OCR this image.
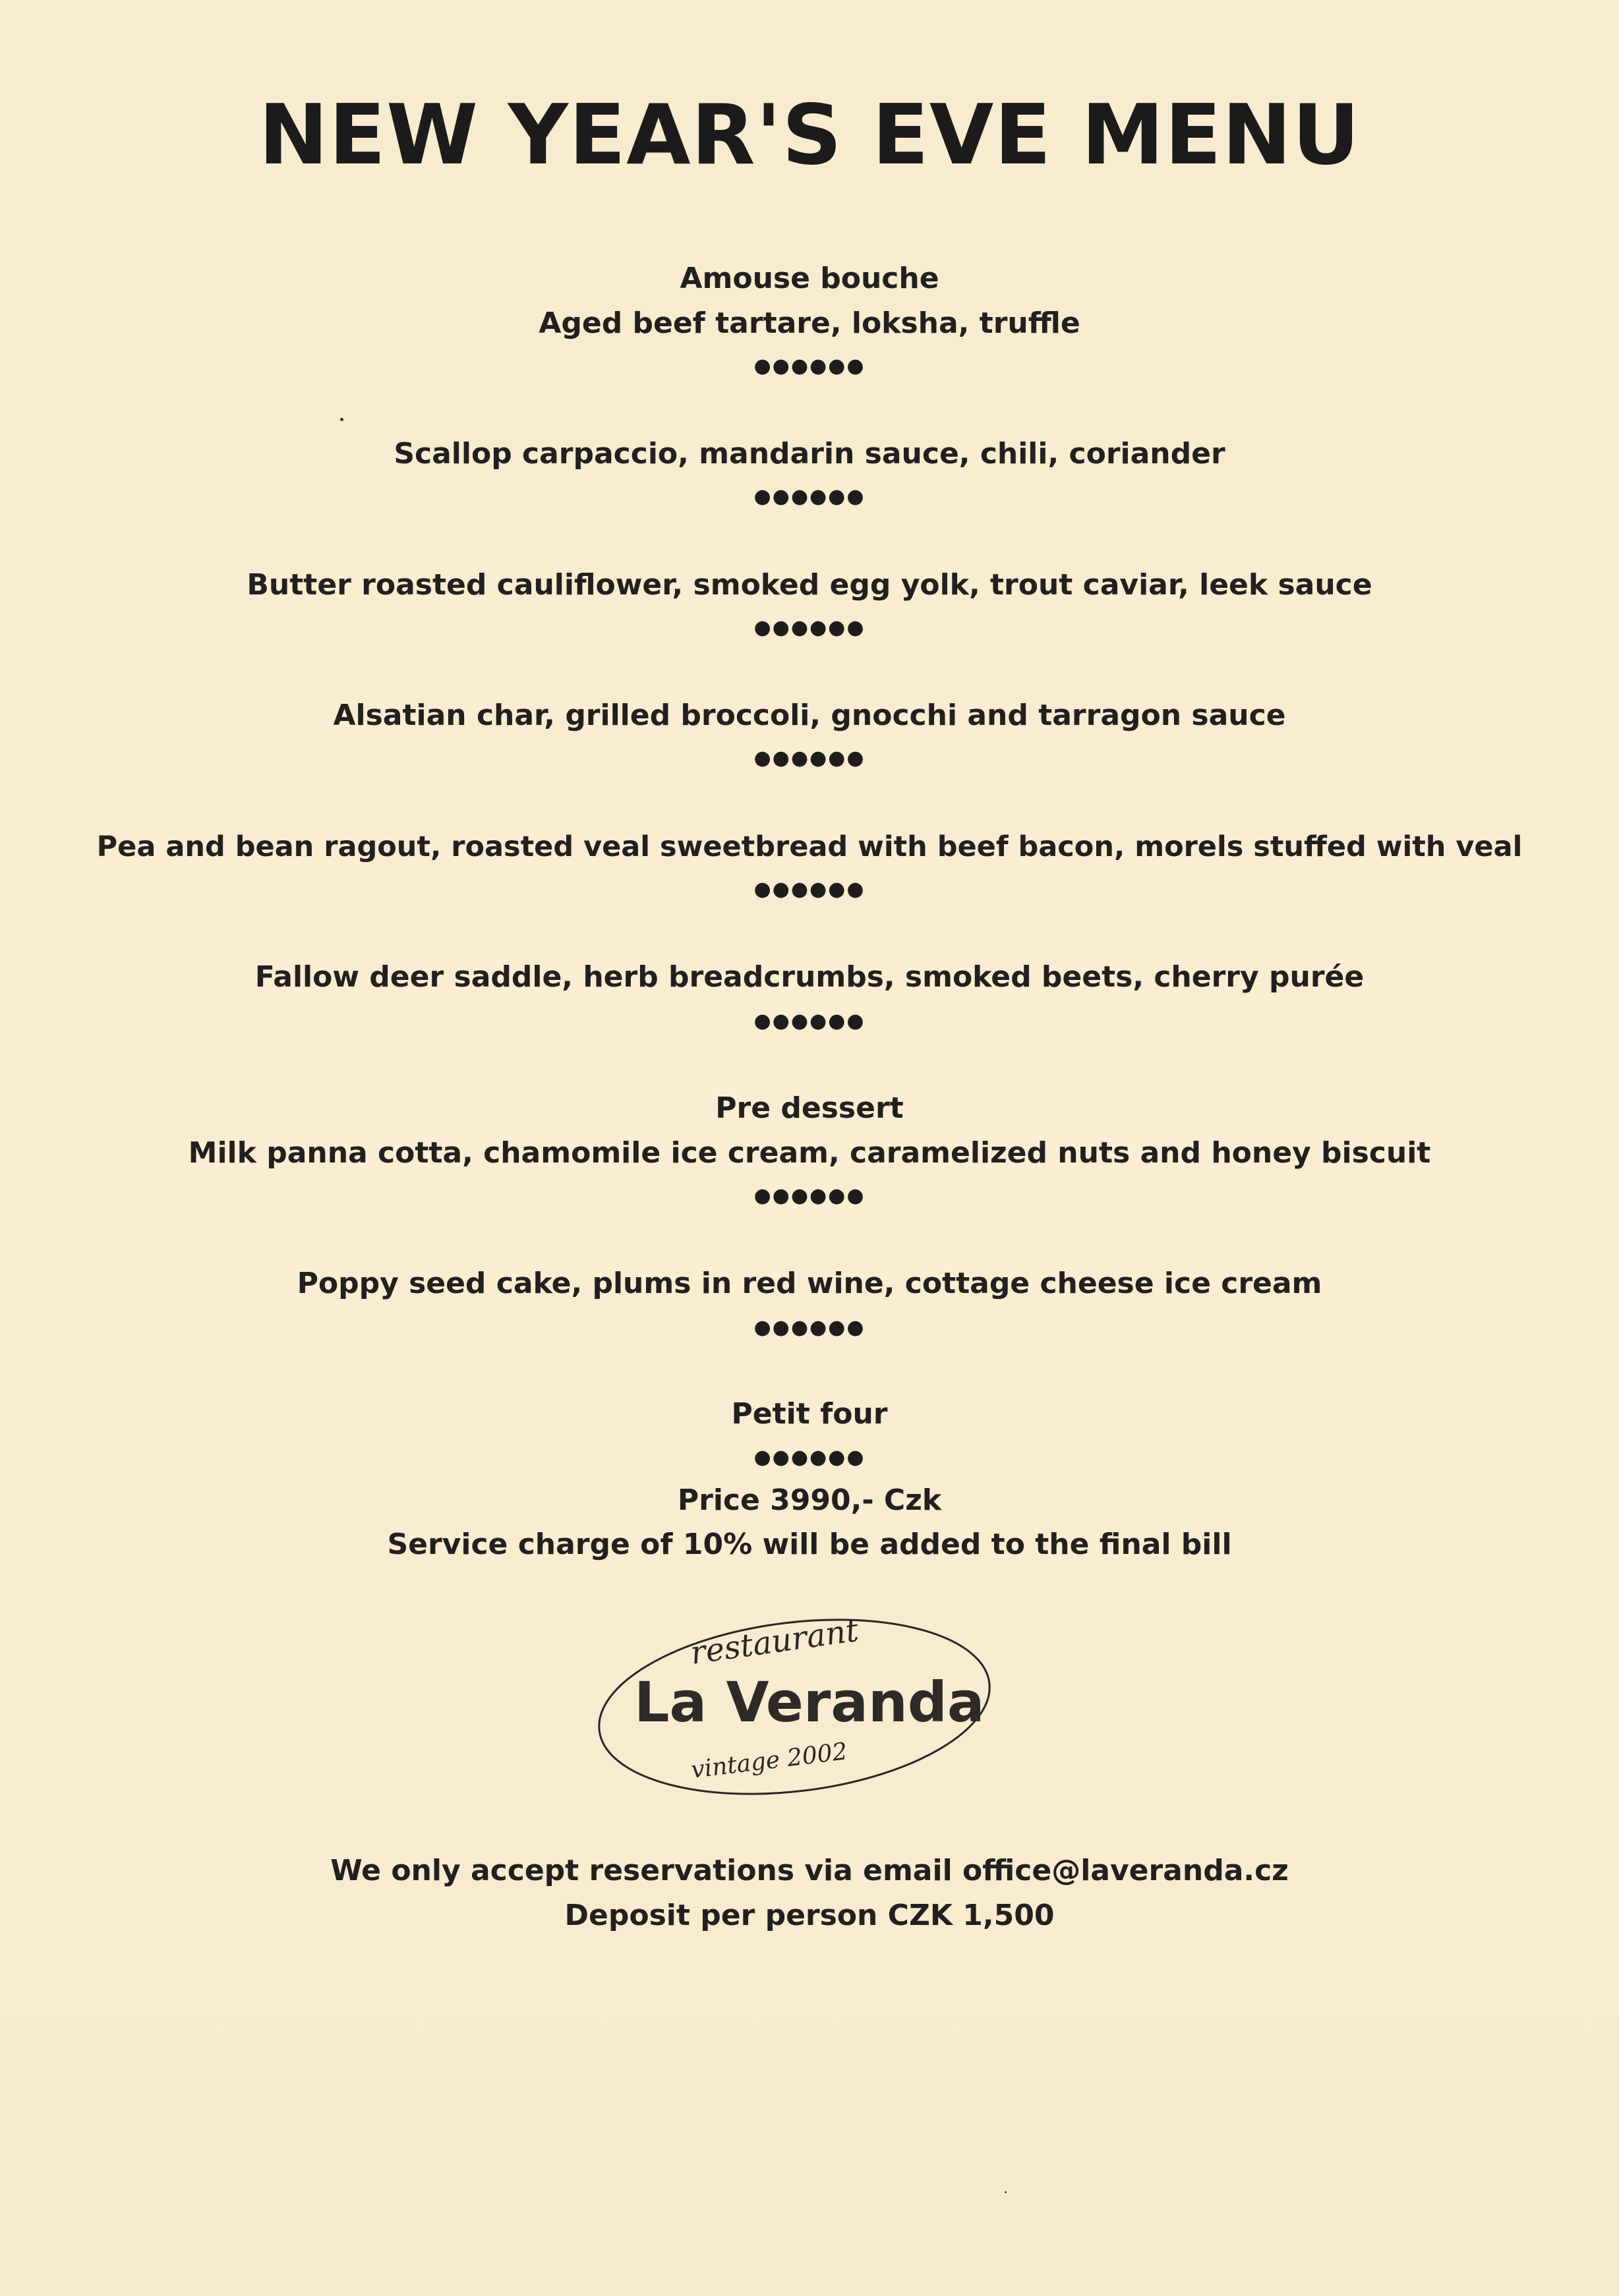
NEW YEAR'S EVE MENU
Amouse bouche
Aged beef tartare, loksha, truffle
●●●●●●
Scallop carpaccio, mandarin sauce, chili, coriander
●●●●●●
Butter roasted cauliflower, smoked egg yolk, trout caviar, leek sauce
●●●●●●
Alsatian char, grilled broccoli, gnocchi and tarragon sauce
●●●●●●
Pea and bean ragout, roasted veal sweetbread with beef bacon, morels stuffed with veal
●●●●●●
Fallow deer saddle, herb breadcrumbs, smoked beets, cherry purée
●●●●●●
Pre dessert
Milk panna cotta, chamomile ice cream, caramelized nuts and honey biscuit
●●●●●●
Poppy seed cake, plums in red wine, cottage cheese ice cream
●●●●●●
Petit four
●●●●●●
Price 3990,- Czk
Service charge of 10% will be added to the final bill
restaurant
La Veranda
vintage 2002
We only accept reservations via email office@laveranda.cz
Deposit per person CZK 1,500
